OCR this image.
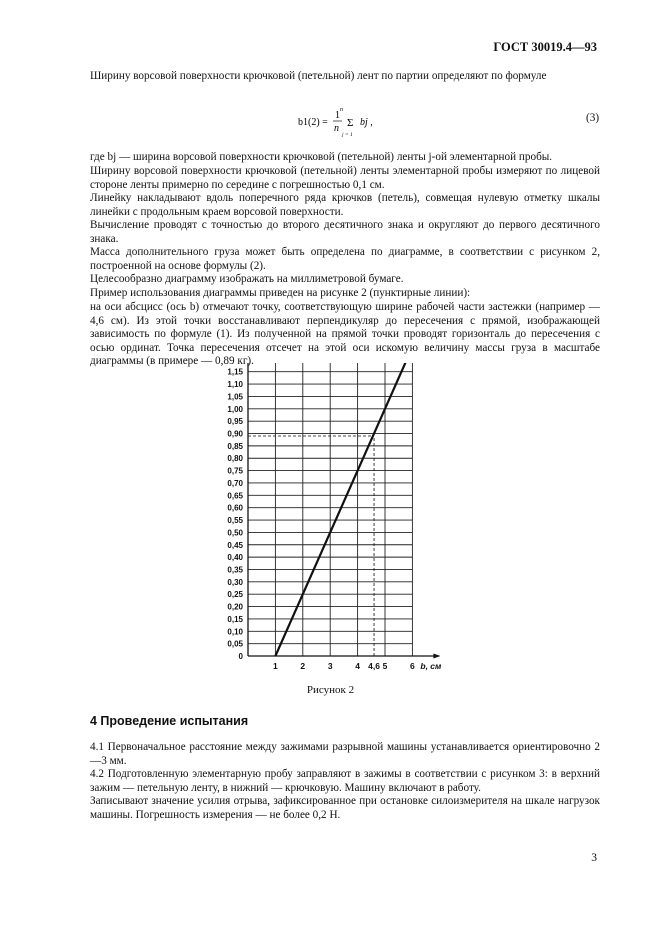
ГОСТ 30019.4—93
Ширину ворсовой поверхности крючковой (петельной) лент по партии определяют по формуле
b1(2) =
1
n
n
Σ
j = 1
bj ,	(3)
где bj — ширина ворсовой поверхности крючковой (петельной) ленты j-ой элементарной пробы.
Ширину ворсовой поверхности крючковой (петельной) ленты элементарной пробы измеряют по лицевой стороне ленты примерно по середине с погрешностью 0,1 см.
Линейку накладывают вдоль поперечного ряда крючков (петель), совмещая нулевую отметку шкалы линейки с продольным краем ворсовой поверхности.
Вычисление проводят с точностью до второго десятичного знака и округляют до первого десятичного знака.
Масса дополнительного груза может быть определена по диаграмме, в соответствии с рисунком 2, построенной на основе формулы (2).
Целесообразно диаграмму изображать на миллиметровой бумаге.
Пример использования диаграммы приведен на рисунке 2 (пунктирные линии):
на оси абсцисс (ось b) отмечают точку, соответствующую ширине рабочей части застежки (например — 4,6 см). Из этой точки восстанавливают перпендикуляр до пересечения с прямой, изображающей зависимость по формуле (1). Из полученной на прямой точки проводят горизонталь до пересечения с осью ординат. Точка пересечения отсечет на этой оси искомую величину массы груза в масштабе диаграммы (в примере — 0,89 кг).
0
0,05
0,10
0,15
0,20
0,25
0,30
0,35
0,40
0,45
0,50
0,55
0,60
0,65
0,70
0,75
0,80
0,85
0,90
0,95
1,00
1,05
1,10
1,15
1	2	3	4 4,6 5	6 b, см
Рисунок 2
4 Проведение испытания
4.1 Первоначальное расстояние между зажимами разрывной машины устанавливается ориентировочно 2—3 мм.
4.2 Подготовленную элементарную пробу заправляют в зажимы в соответствии с рисунком 3: в верхний зажим — петельную ленту, в нижний — крючковую. Машину включают в работу.
Записывают значение усилия отрыва, зафиксированное при остановке силоизмерителя на шкале нагрузок машины. Погрешность измерения — не более 0,2 Н.
3
